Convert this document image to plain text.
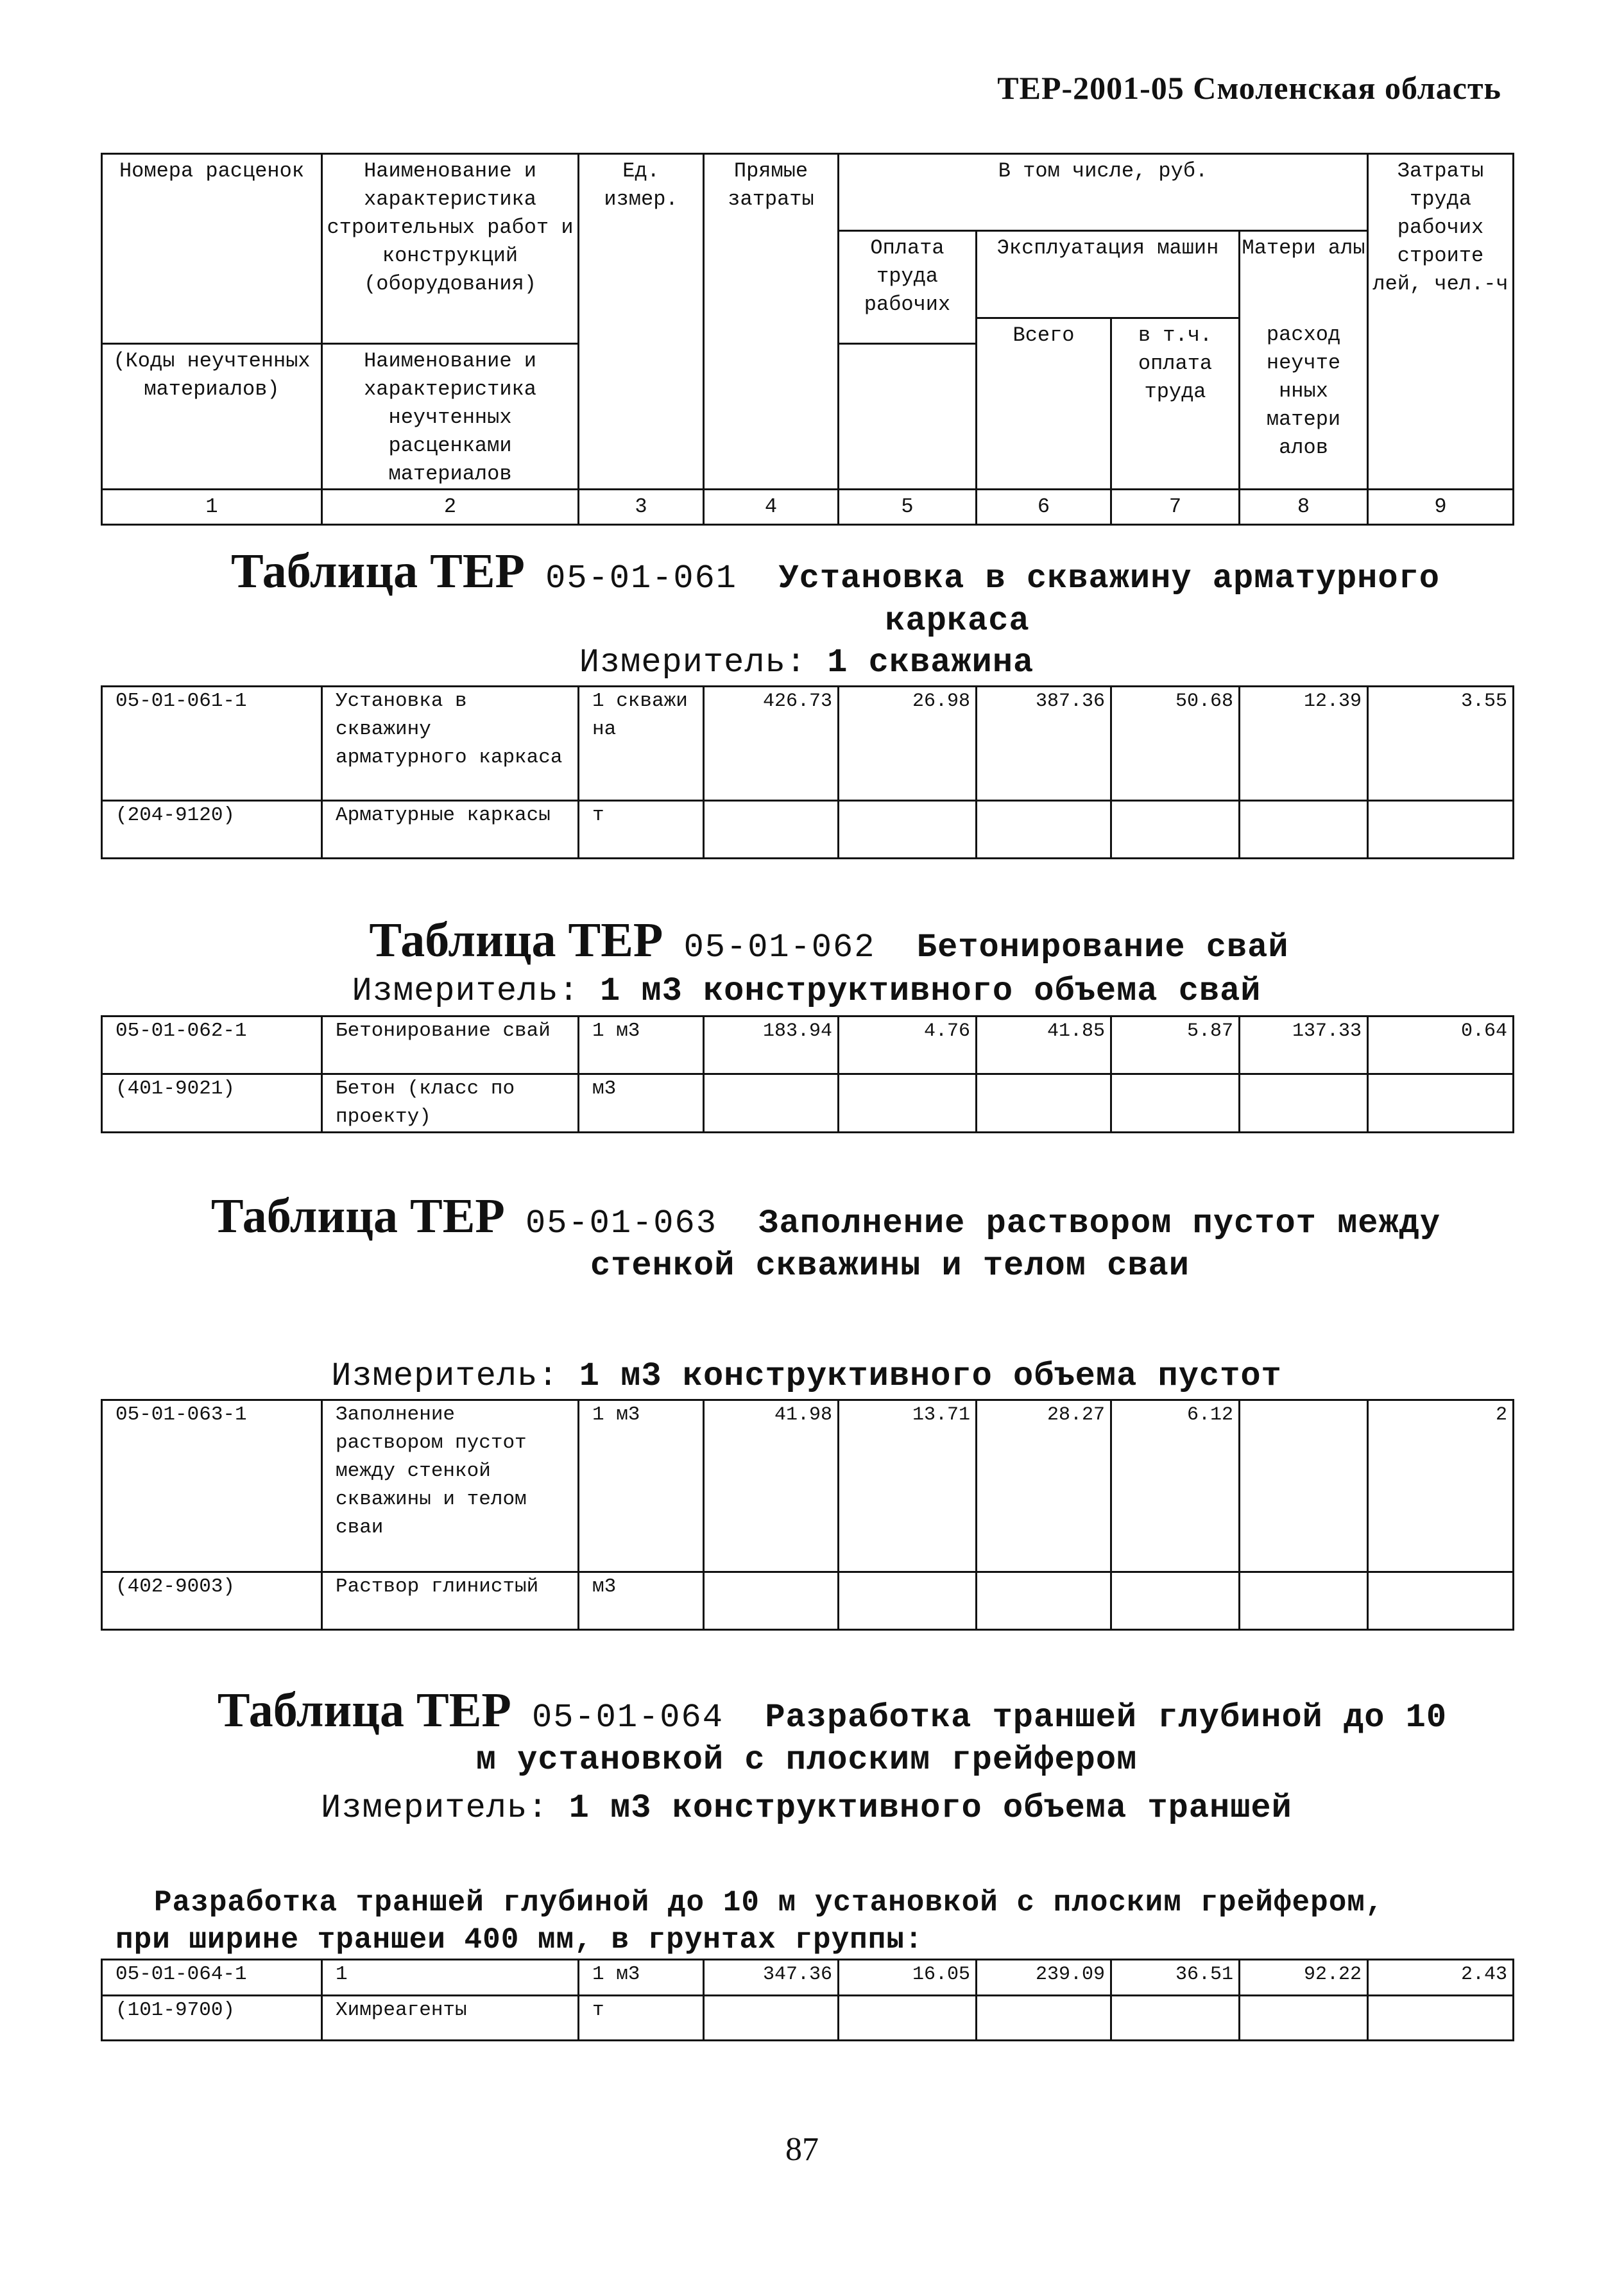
ТЕР-2001-05 Смоленская область
Номера расценок	Наименование и характеристика строительных работ и конструкций (оборудования)	Ед. измер.	Прямые затраты	В том числе, руб.				Затраты труда рабочих строите лей, чел.-ч
				Оплата труда рабочих	Эксплуатация машин		Матери алы	
					Всего	в т.ч. оплата труда	расход неучте нных матери алов	
(Коды неучтенных материалов)	Наименование и характеристика неучтенных расценками материалов							
1	2	3	4	5	6	7	8	9
Таблица ТЕР 05-01-061 Установка в скважину арматурного
каркаса
Измеритель: 1 скважина
05-01-061-1	Установка в скважину арматурного каркаса	1 скважи на	426.73	26.98	387.36	50.68	12.39	3.55
(204-9120)	Арматурные каркасы	т						
Таблица ТЕР 05-01-062 Бетонирование свай
Измеритель: 1 м3 конструктивного объема свай
05-01-062-1	Бетонирование свай	1 м3	183.94	4.76	41.85	5.87	137.33	0.64
(401-9021)	Бетон (класс по проекту)	м3						
Таблица ТЕР 05-01-063 Заполнение раствором пустот между
стенкой скважины и телом сваи
Измеритель: 1 м3 конструктивного объема пустот
05-01-063-1	Заполнение раствором пустот между стенкой скважины и телом сваи	1 м3	41.98	13.71	28.27	6.12		2
(402-9003)	Раствор глинистый	м3						
Таблица ТЕР 05-01-064 Разработка траншей глубиной до 10
м установкой с плоским грейфером
Измеритель: 1 м3 конструктивного объема траншей
Разработка траншей глубиной до 10 м установкой с плоским грейфером,
при ширине траншеи 400 мм, в грунтах группы:
05-01-064-1	1	1 м3	347.36	16.05	239.09	36.51	92.22	2.43
(101-9700)	Химреагенты	т						
87
